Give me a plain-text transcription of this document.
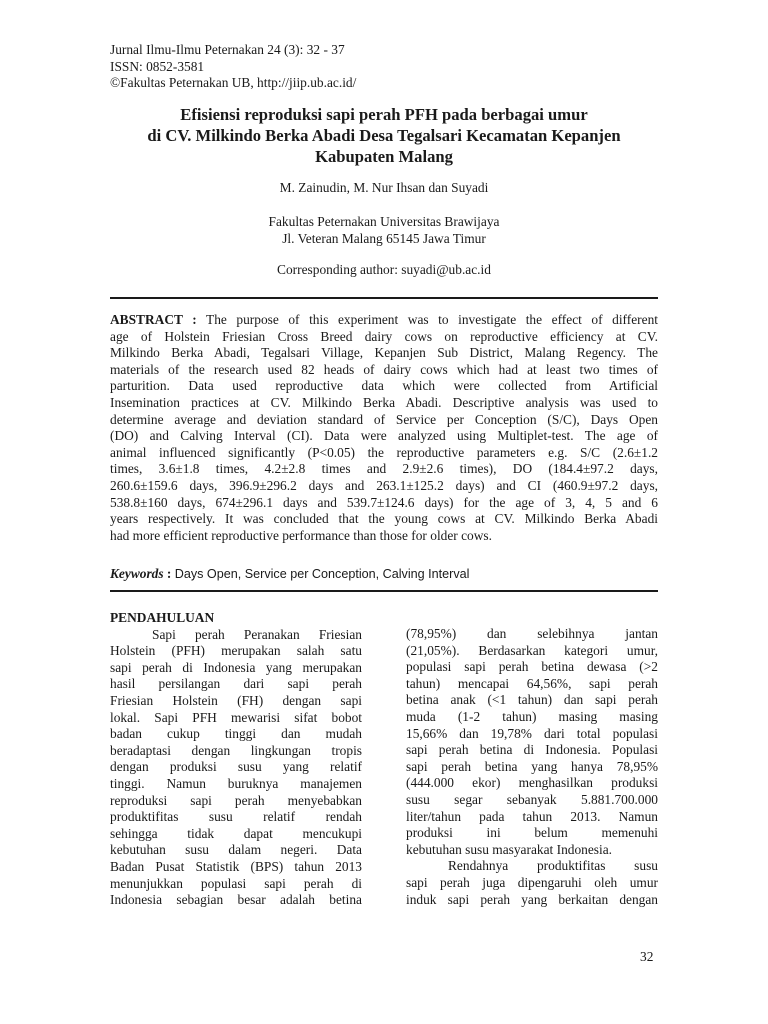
Jurnal Ilmu-Ilmu Peternakan 24 (3): 32 - 37
ISSN: 0852-3581
©Fakultas Peternakan UB, http://jiip.ub.ac.id/
Efisiensi reproduksi sapi perah PFH pada berbagai umur
di CV. Milkindo Berka Abadi Desa Tegalsari Kecamatan Kepanjen
Kabupaten Malang
M. Zainudin, M. Nur Ihsan dan Suyadi
Fakultas Peternakan Universitas Brawijaya
Jl. Veteran Malang 65145 Jawa Timur
Corresponding author: suyadi@ub.ac.id
ABSTRACT : The purpose of this experiment was to investigate the effect of different
age of Holstein Friesian Cross Breed dairy cows on reproductive efficiency at CV.
Milkindo Berka Abadi, Tegalsari Village, Kepanjen Sub District, Malang Regency. The
materials of the research used 82 heads of dairy cows which had at least two times of
parturition. Data used reproductive data which were collected from Artificial
Insemination practices at CV. Milkindo Berka Abadi. Descriptive analysis was used to
determine average and deviation standard of Service per Conception (S/C), Days Open
(DO) and Calving Interval (CI). Data were analyzed using Multiplet-test. The age of
animal influenced significantly (P<0.05) the reproductive parameters e.g. S/C (2.6±1.2
times, 3.6±1.8 times, 4.2±2.8 times and 2.9±2.6 times), DO (184.4±97.2 days,
260.6±159.6 days, 396.9±296.2 days and 263.1±125.2 days) and CI (460.9±97.2 days,
538.8±160 days, 674±296.1 days and 539.7±124.6 days) for the age of 3, 4, 5 and 6
years respectively. It was concluded that the young cows at CV. Milkindo Berka Abadi
had more efficient reproductive performance than those for older cows.
Keywords : Days Open, Service per Conception, Calving Interval
PENDAHULUAN
Sapi perah Peranakan Friesian
Holstein (PFH) merupakan salah satu
sapi perah di Indonesia yang merupakan
hasil persilangan dari sapi perah
Friesian Holstein (FH) dengan sapi
lokal. Sapi PFH mewarisi sifat bobot
badan cukup tinggi dan mudah
beradaptasi dengan lingkungan tropis
dengan produksi susu yang relatif
tinggi. Namun buruknya manajemen
reproduksi sapi perah menyebabkan
produktifitas susu relatif rendah
sehingga tidak dapat mencukupi
kebutuhan susu dalam negeri. Data
Badan Pusat Statistik (BPS) tahun 2013
menunjukkan populasi sapi perah di
Indonesia sebagian besar adalah betina
(78,95%) dan selebihnya jantan
(21,05%). Berdasarkan kategori umur,
populasi sapi perah betina dewasa (>2
tahun) mencapai 64,56%, sapi perah
betina anak (<1 tahun) dan sapi perah
muda (1-2 tahun) masing masing
15,66% dan 19,78% dari total populasi
sapi perah betina di Indonesia. Populasi
sapi perah betina yang hanya 78,95%
(444.000 ekor) menghasilkan produksi
susu segar sebanyak 5.881.700.000
liter/tahun pada tahun 2013. Namun
produksi ini belum memenuhi
kebutuhan susu masyarakat Indonesia.
Rendahnya produktifitas susu
sapi perah juga dipengaruhi oleh umur
induk sapi perah yang berkaitan dengan
32
